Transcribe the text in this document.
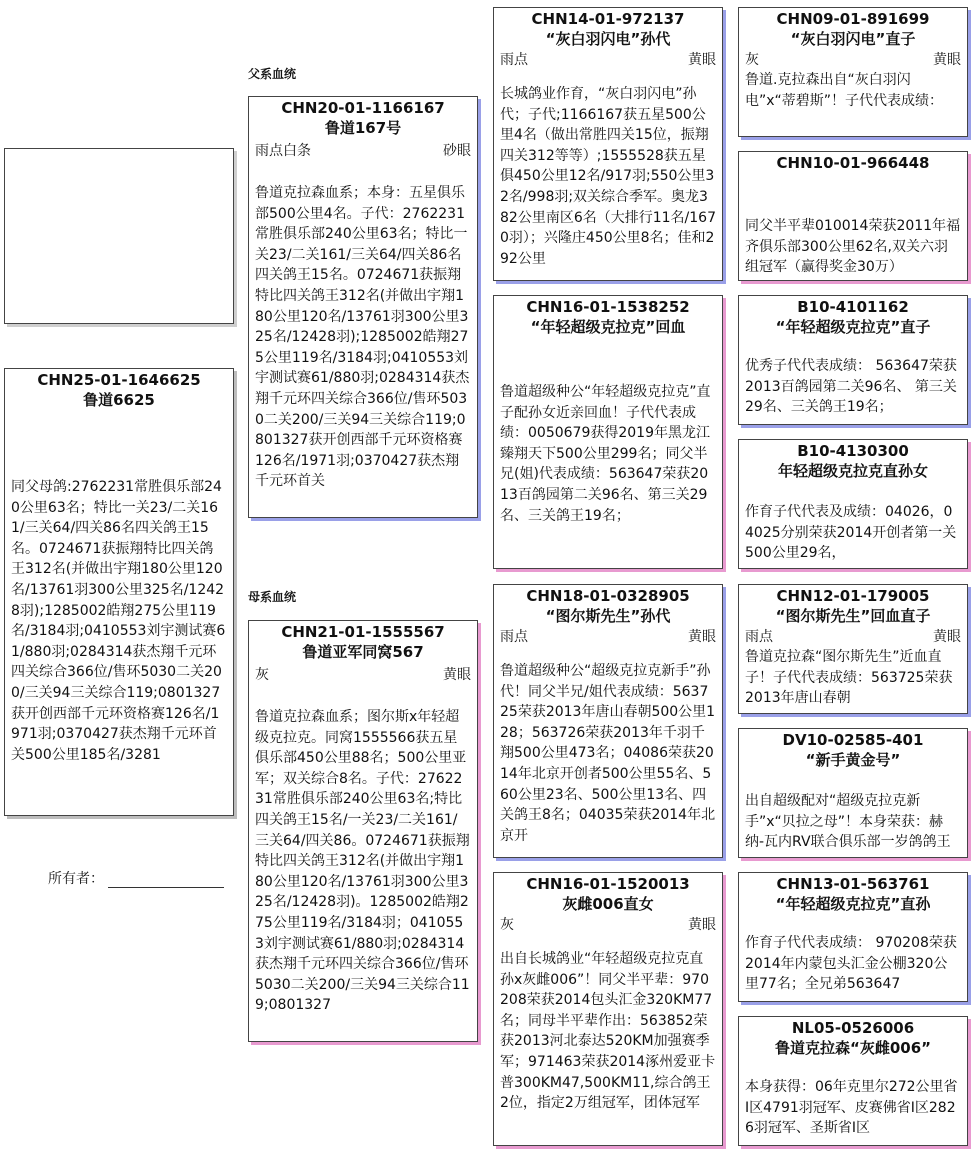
CHN25-01-1646625
鲁道6625
同父母鸽:2762231常胜俱乐部240公里63名；特比一关23/二关161/三关64/四关86名四关鸽王15名。0724671获振翔特比四关鸽王312名(并做出宇翔180公里120名/13761羽300公里325名/12428羽);1285002皓翔275公里119名/3184羽;0410553刘宇测试赛61/880羽;0284314获杰翔千元环四关综合366位/售环5030二关200/三关94三关综合119;0801327获开创西部千元环资格赛126名/1971羽;0370427获杰翔千元环首关500公里185名/3281
所有者：
父系血统
母系血统
CHN20-01-1166167
鲁道167号
雨点白条	砂眼
鲁道克拉森血系；本身：五星俱乐部500公里4名。子代：2762231常胜俱乐部240公里63名；特比一关23/二关161/三关64/四关86名四关鸽王15名。0724671获振翔特比四关鸽王312名(并做出宇翔180公里120名/13761羽300公里325名/12428羽);1285002皓翔275公里119名/3184羽;0410553刘宇测试赛61/880羽;0284314获杰翔千元环四关综合366位/售环5030二关200/三关94三关综合119;0801327获开创西部千元环资格赛126名/1971羽;0370427获杰翔千元环首关
CHN21-01-1555567
鲁道亚军同窝567
灰	黄眼
鲁道克拉森血系；图尔斯x年轻超级克拉克。同窝1555566获五星俱乐部450公里88名；500公里亚军；双关综合8名。子代：2762231常胜俱乐部240公里63名;特比四关鸽王15名/一关23/二关161/三关64/四关86。0724671获振翔特比四关鸽王312名(并做出宇翔180公里120名/13761羽300公里325名/12428羽)。1285002皓翔275公里119名/3184羽；0410553刘宇测试赛61/880羽;0284314获杰翔千元环四关综合366位/售环5030二关200/三关94三关综合119;0801327
CHN14-01-972137
“灰白羽闪电”孙代
雨点	黄眼
长城鸽业作育，“灰白羽闪电”孙代；子代;1166167获五星500公里4名（做出常胜四关15位，振翔四关312等等）;1555528获五星俱450公里12名/917羽;550公里32名/998羽;双关综合季军。奥龙382公里南区6名（大排行11名/1670羽）；兴隆庄450公里8名；佳和292公里
CHN16-01-1538252
“年轻超级克拉克”回血
鲁道超级种公“年轻超级克拉克”直子配孙女近亲回血！子代代表成绩：0050679获得2019年黑龙江臻翔天下500公里299名；同父半兄(姐)代表成绩：563647荣获2013百鸽园第二关96名、第三关29名、三关鸽王19名；
CHN18-01-0328905
“图尔斯先生”孙代
雨点	黄眼
鲁道超级种公“超级克拉克新手”孙代！同父半兄/姐代表成绩：563725荣获2013年唐山春朝500公里128；563726荣获2013年千羽千翔500公里473名；04086荣获2014年北京开创者500公里55名、560公里23名、500公里13名、四关鸽王8名；04035荣获2014年北京开
CHN16-01-1520013
灰雌006直女
灰	黄眼
出自长城鸽业“年轻超级克拉克直孙x灰雌006”！同父半平辈：970208荣获2014包头汇金320KM77名；同母半平辈作出：563852荣获2013河北泰达520KM加强赛季军；971463荣获2014涿州爱亚卡普300KM47,500KM11,综合鸽王2位，指定2万组冠军，团体冠军
CHN09-01-891699
“灰白羽闪电”直子
灰	黄眼
鲁道.克拉森出自“灰白羽闪电”x“蒂碧斯”！子代代表成绩：
CHN10-01-966448
同父半平辈010014荣获2011年福齐俱乐部300公里62名,双关六羽组冠军（赢得奖金30万）
B10-4101162
“年轻超级克拉克”直子
优秀子代代表成绩： 563647荣获2013百鸽园第二关96名、 第三关29名、三关鸽王19名；
B10-4130300
年轻超级克拉克直孙女
作育子代代表及成绩：04026，04025分别荣获2014开创者第一关500公里29名，
CHN12-01-179005
“图尔斯先生”回血直子
雨点	黄眼
鲁道克拉森“图尔斯先生”近血直子！子代代表成绩：563725荣获2013年唐山春朝
DV10-02585-401
“新手黄金号”
出自超级配对“超级克拉克新手”x“贝拉之母”！本身荣获：赫纳-瓦内RV联合俱乐部一岁鸽鸽王
CHN13-01-563761
“年轻超级克拉克”直孙
作育子代代表成绩： 970208荣获2014年内蒙包头汇金公棚320公里77名；全兄弟563647
NL05-0526006
鲁道克拉森“灰雌006”
本身获得：06年克里尔272公里省I区4791羽冠军、皮赛佛省I区2826羽冠军、圣斯省I区
